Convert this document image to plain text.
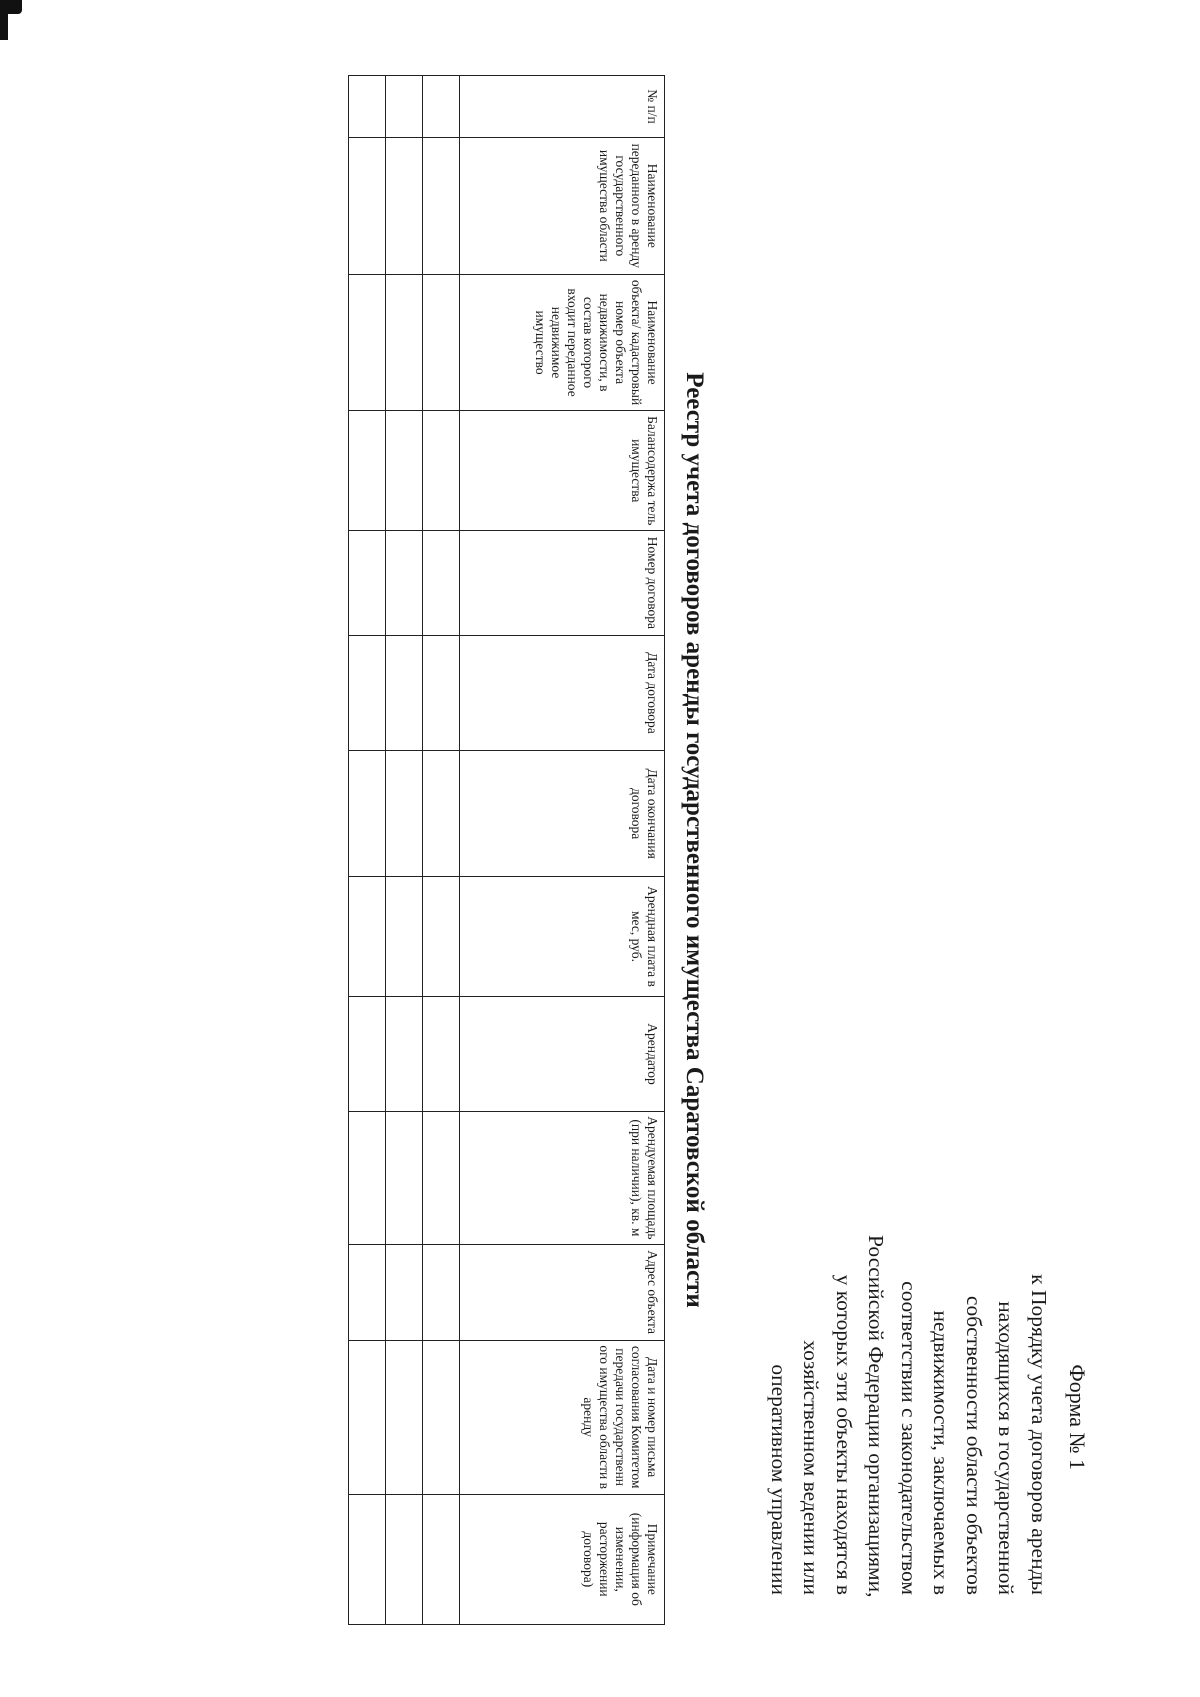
Форма № 1
к Порядку учета договоров аренды
находящихся в государственной
собственности области объектов
недвижимости, заключаемых в
соответствии с законодательством
Российской Федерации организациями,
у которых эти объекты находятся в
хозяйственном ведении или
оперативном управлении
Реестр учета договоров аренды государственного имущества Саратовской области
№ п/п	Наименование переданного в аренду государственного имущества области	Наименование объекта/ кадастровый номер объекта недвижимости, в состав которого входит переданное недвижимое имущество	Балансодержа тель имущества	Номер договора	Дата договора	Дата окончания договора	Арендная плата в мес, руб.	Арендатор	Арендуемая площадь (при наличии), кв. м	Адрес объекта	Дата и номер письма согласования Комитетом передачи государственн ого имущества области в аренду	Примечание (информация об изменении, расторжении договора)
